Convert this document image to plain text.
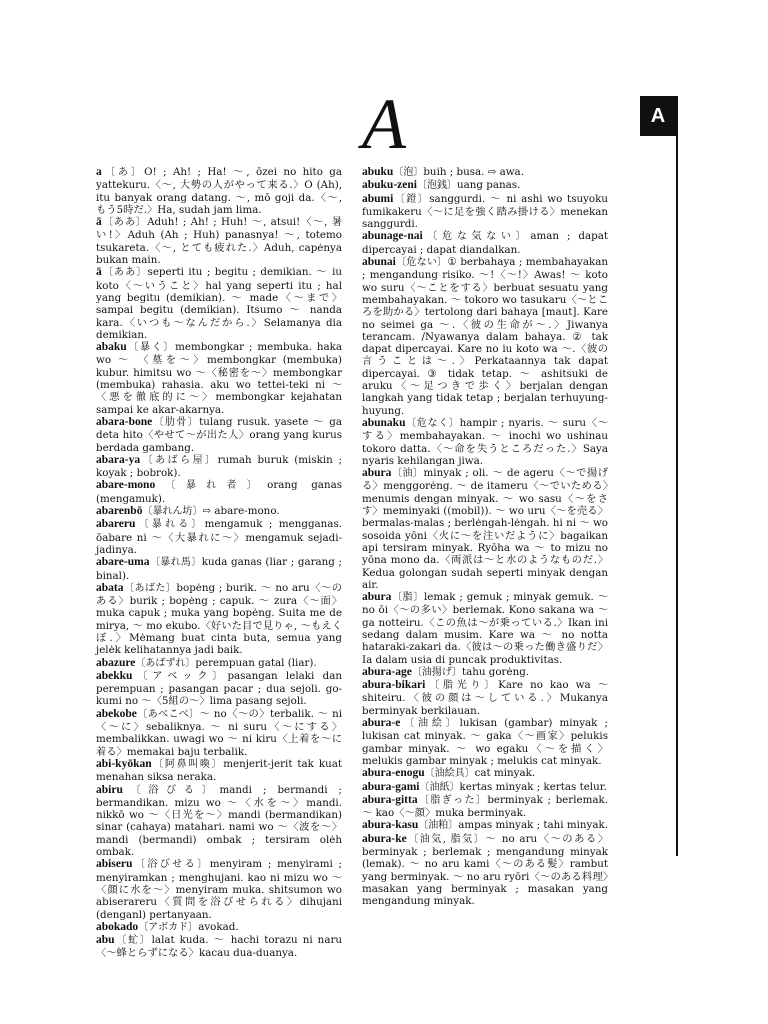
A	A

a〔あ〕O! ; Ah! ; Ha! ～, ōzei no hito ga yattekuru.〈～, 大勢の人がやって来る.〉O (Ah), itu banyak orang datang. ～, mō goji da.〈～, もう5時だ.〉Ha, sudah jam lima.

ā〔ああ〕Aduh! ; Ah! ; Huh! ～, atsui!〈～, 暑い!〉Aduh (Ah ; Huh) panasnya! ～, totemo tsukareta.〈～, とても疲れた.〉Aduh, capėnya bukan main.

ā〔ああ〕seperti itu ; begitu ; demikian. ～ iu koto〈～いうこと〉hal yang seperti itu ; hal yang begitu (demikian). ～ made〈～まで〉sampai begitu (demikian). Itsumo ～ nanda kara.〈いつも～なんだから.〉Selamanya dia demikian.

abaku〔暴く〕membongkar ; membuka. haka wo ～ 〈墓を～〉membongkar (membuka) kubur. himitsu wo ～〈秘密を～〉membongkar (membuka) rahasia. aku wo tettei-teki ni ～〈悪を徹底的に～〉membongkar kejahatan sampai ke akar-akarnya.

abara-bone〔肋骨〕tulang rusuk. yasete ～ ga deta hito〈やせて～が出た人〉orang yang kurus berdada gambang.

abara-ya〔あばら屋〕rumah buruk (miskin ; koyak ; bobrok).

abare-mono〔暴れ者〕orang ganas (mengamuk).

abarenbō〔暴れん坊〕⇨ abare-mono.

abareru〔暴れる〕mengamuk ; mengganas. ōabare ni ～〈大暴れに～〉mengamuk sejadi-jadinya.

abare-uma〔暴れ馬〕kuda ganas (liar ; garang ; binal).

abata〔あばた〕bopėng ; burik. ～ no aru〈～のある〉burik ; bopėng ; capuk. ～ zura〈～面〉muka capuk ; muka yang bopėng. Suita me de mirya, ～ mo ekubo.〈好いた目で見りゃ, ～もえくぼ.〉Mėmang buat cinta buta, semua yang jelėk kelihatannya jadi baik.

abazure〔あばずれ〕perempuan gatal (liar).

abekku〔アベック〕pasangan lelaki dan perempuan ; pasangan pacar ; dua sejoli. go-kumi no ～〈5組の～〉lima pasang sejoli.

abekobe〔あべこべ〕～ no〈～の〉terbalik. ～ ni〈～に〉sebaliknya. ～ ni suru〈～にする〉membalikkan. uwagi wo ～ ni kiru〈上着を～に着る〉memakai baju terbalik.

abi-kyōkan〔阿鼻叫喚〕menjerit-jerit tak kuat menahan siksa neraka.

abiru〔浴びる〕mandi ; bermandi ; bermandikan. mizu wo ～〈水を～〉mandi. nikkō wo ～〈日光を～〉mandi (bermandikan) sinar (cahaya) matahari. nami wo ～〈波を～〉mandi (bermandi) ombak ; tersiram olėh ombak.

abiseru〔浴びせる〕menyiram ; menyirami ; menyiramkan ; menghujani. kao ni mizu wo ～〈顔に水を～〉menyiram muka. shitsumon wo abiserareru〈質問を浴びせられる〉dihujani (denganl) pertanyaan.

abokado〔アボカド〕avokad.

abu〔虻〕lalat kuda. ～ hachi torazu ni naru 〈～蜂とらずになる〉kacau dua-duanya.

abuku〔泡〕buih ; busa. ⇨ awa.

abuku-zeni〔泡銭〕uang panas.

abumi〔鐙〕sanggurdi. ～ ni ashi wo tsuyoku fumikakeru〈～に足を強く踏み掛ける〉menekan sanggurdi.

abunage-nai〔危な気ない〕aman ; dapat dipercayai ; dapat diandalkan.

abunai〔危ない〕① berbahaya ; membahayakan ; mengandung risiko. ～!〈～!〉Awas! ～ koto wo suru〈～ことをする〉berbuat sesuatu yang membahayakan. ～ tokoro wo tasukaru〈～ところを助かる〉tertolong dari bahaya [maut]. Kare no seimei ga ～.〈彼の生命が～.〉Jiwanya terancam. /Nyawanya dalam bahaya. ② tak dapat dipercayai. Kare no iu koto wa ～.〈彼の言うことは～.〉Perkataannya tak dapat dipercayai. ③ tidak tetap. ～ ashitsuki de aruku〈～足つきで歩く〉berjalan dengan langkah yang tidak tetap ; berjalan terhuyung-huyung.

abunaku〔危なく〕hampir ; nyaris. ～ suru〈～する〉membahayakan. ～ inochi wo ushinau tokoro datta.〈～命を失うところだった.〉Saya nyaris kehilangan jiwa.

abura〔油〕minyak ; oli. ～ de ageru〈～で揚げる〉menggorėng. ～ de itameru〈～でいためる〉menumis dengan minyak. ～ wo sasu〈～をさす〉meminyaki ((mobil)). ～ wo uru〈～を売る〉bermalas-malas ; berlėngah-lėngah. hi ni ～ wo sosoida yōni〈火に～を注いだように〉bagaikan api tersiram minyak. Ryōha wa ～ to mizu no yōna mono da.〈両派は～と水のようなものだ.〉Kedua golongan sudah seperti minyak dengan air.

abura〔脂〕lemak ; gemuk ; minyak gemuk. ～ no ōi〈～の多い〉berlemak. Kono sakana wa ～ ga notteiru.〈この魚は～が乗っている.〉Ikan ini sedang dalam musim. Kare wa ～ no notta hataraki-zakari da.〈彼は～の乗った働き盛りだ〉Ia dalam usia di puncak produktivitas.

abura-age〔油揚げ〕tahu gorėng.

abura-bikari〔脂光り〕Kare no kao wa ～ shiteiru.〈彼の顔は～している.〉Mukanya berminyak berkilauan.

abura-e〔油絵〕lukisan (gambar) minyak ; lukisan cat minyak. ～ gaka〈～画家〉pelukis gambar minyak. ～ wo egaku〈～を描く〉melukis gambar minyak ; melukis cat minyak.

abura-enogu〔油絵具〕cat minyak.

abura-gami〔油紙〕kertas minyak ; kertas telur.

abura-gitta〔脂ぎった〕berminyak ; berlemak. ～ kao〈～顔〉muka berminyak.

abura-kasu〔油粕〕ampas minyak ; tahi minyak.

abura-ke〔油気, 脂気〕～ no aru〈～のある〉berminyak ; berlemak ; mengandung minyak (lemak). ～ no aru kami〈～のある髪〉rambut yang berminyak. ～ no aru ryōri〈～のある料理〉masakan yang berminyak ; masakan yang mengandung minyak.
